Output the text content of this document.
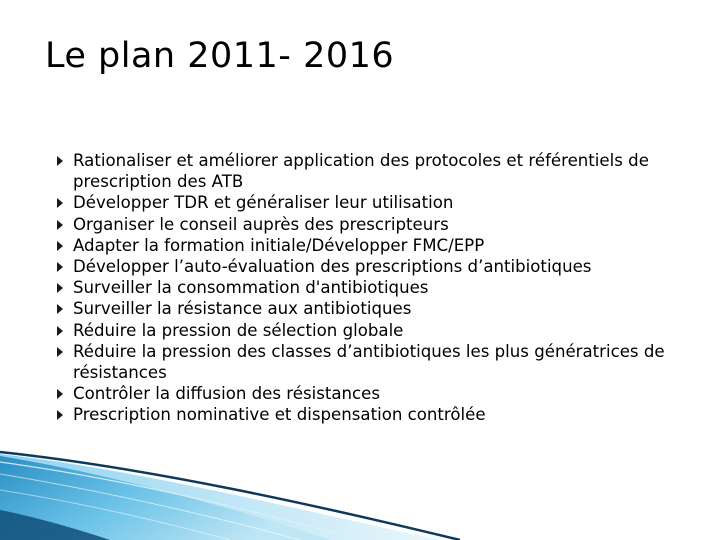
Le plan 2011- 2016
Rationaliser et améliorer application des protocoles et référentiels de prescription des ATB
Développer TDR et généraliser leur utilisation
Organiser le conseil auprès des prescripteurs
Adapter la formation initiale/Développer FMC/EPP
Développer l’auto-évaluation des prescriptions d’antibiotiques
Surveiller la consommation d'antibiotiques
Surveiller la résistance aux antibiotiques
Réduire la pression de sélection globale
Réduire la pression des classes d’antibiotiques les plus génératrices de résistances
Contrôler la diffusion des résistances
Prescription nominative et dispensation contrôlée
